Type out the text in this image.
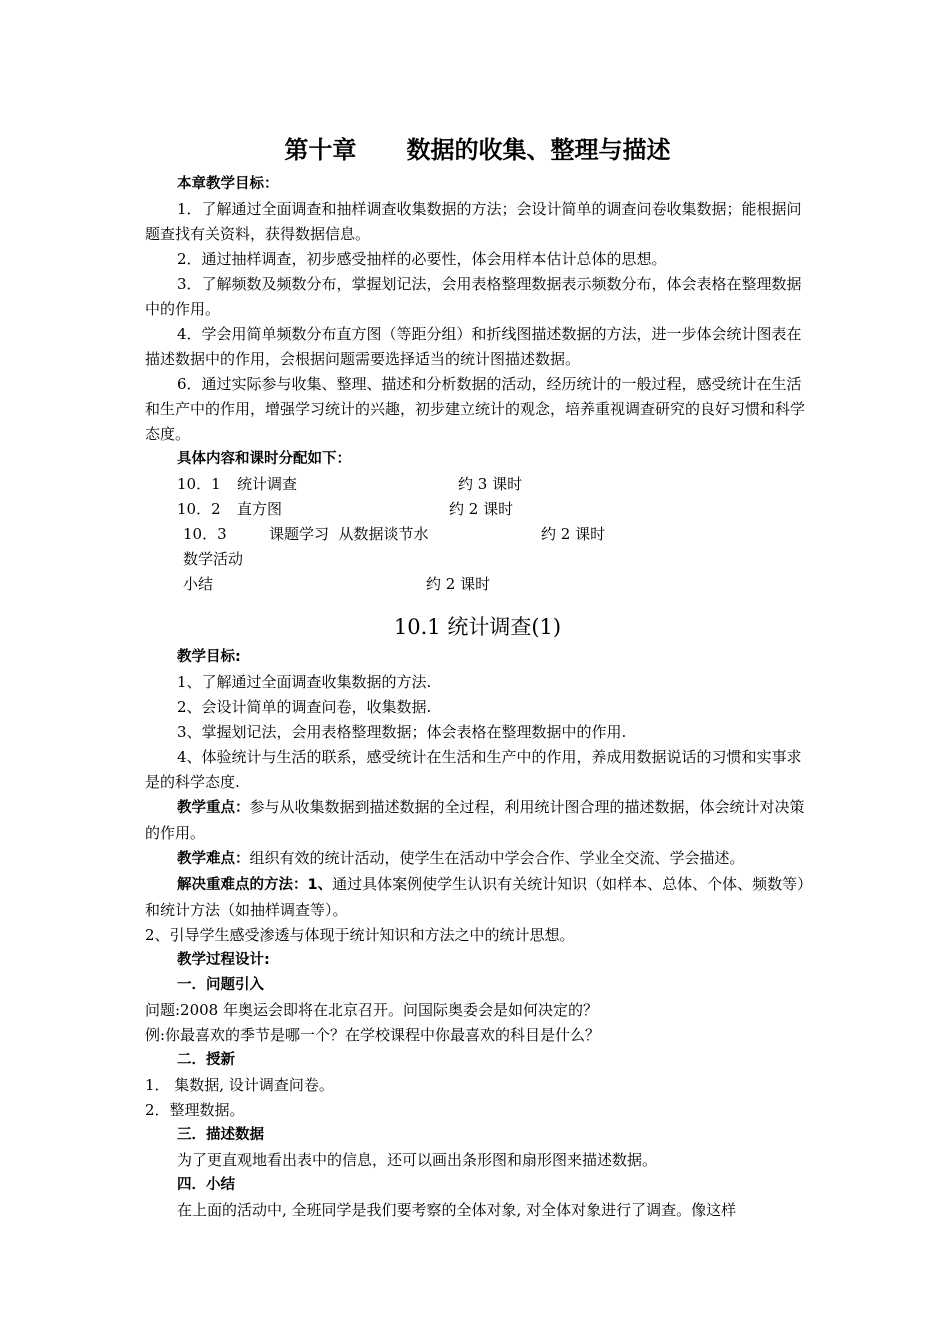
第十章      数据的收集、整理与描述

本章教学目标：

1．了解通过全面调查和抽样调查收集数据的方法；会设计简单的调查问卷收集数据；能根据问题查找有关资料，获得数据信息。

2．通过抽样调查，初步感受抽样的必要性，体会用样本估计总体的思想。

3．了解频数及频数分布，掌握划记法，会用表格整理数据表示频数分布，体会表格在整理数据中的作用。

4．学会用简单频数分布直方图（等距分组）和折线图描述数据的方法，进一步体会统计图表在描述数据中的作用，会根据问题需要选择适当的统计图描述数据。

6．通过实际参与收集、整理、描述和分析数据的活动，经历统计的一般过程，感受统计在生活和生产中的作用，增强学习统计的兴趣，初步建立统计的观念，培养重视调查研究的良好习惯和科学态度。

具体内容和课时分配如下：

10．1 统计调查	约 3 课时
10．2 直方图	约 2 课时
10．3	课题学习  从数据谈节水	约 2 课时
数学活动
小结	约 2 课时

10.1 统计调查(1)

教学目标:

1、了解通过全面调查收集数据的方法.

2、会设计简单的调查问卷，收集数据.

3、掌握划记法，会用表格整理数据；体会表格在整理数据中的作用.

4、体验统计与生活的联系，感受统计在生活和生产中的作用，养成用数据说话的习惯和实事求是的科学态度.

教学重点：参与从收集数据到描述数据的全过程，利用统计图合理的描述数据，体会统计对决策的作用。

教学难点：组织有效的统计活动，使学生在活动中学会合作、学业全交流、学会描述。

解决重难点的方法：1、通过具体案例使学生认识有关统计知识（如样本、总体、个体、频数等）和统计方法（如抽样调查等）。

2、引导学生感受渗透与体现于统计知识和方法之中的统计思想。

教学过程设计:

一．问题引入

问题:2008 年奥运会即将在北京召开。问国际奥委会是如何决定的？

例:你最喜欢的季节是哪一个？在学校课程中你最喜欢的科目是什么？

二．授新

1． 集数据, 设计调查问卷。

2．整理数据。

三．描述数据

为了更直观地看出表中的信息，还可以画出条形图和扇形图来描述数据。

四．小结

在上面的活动中, 全班同学是我们要考察的全体对象, 对全体对象进行了调查。像这样
